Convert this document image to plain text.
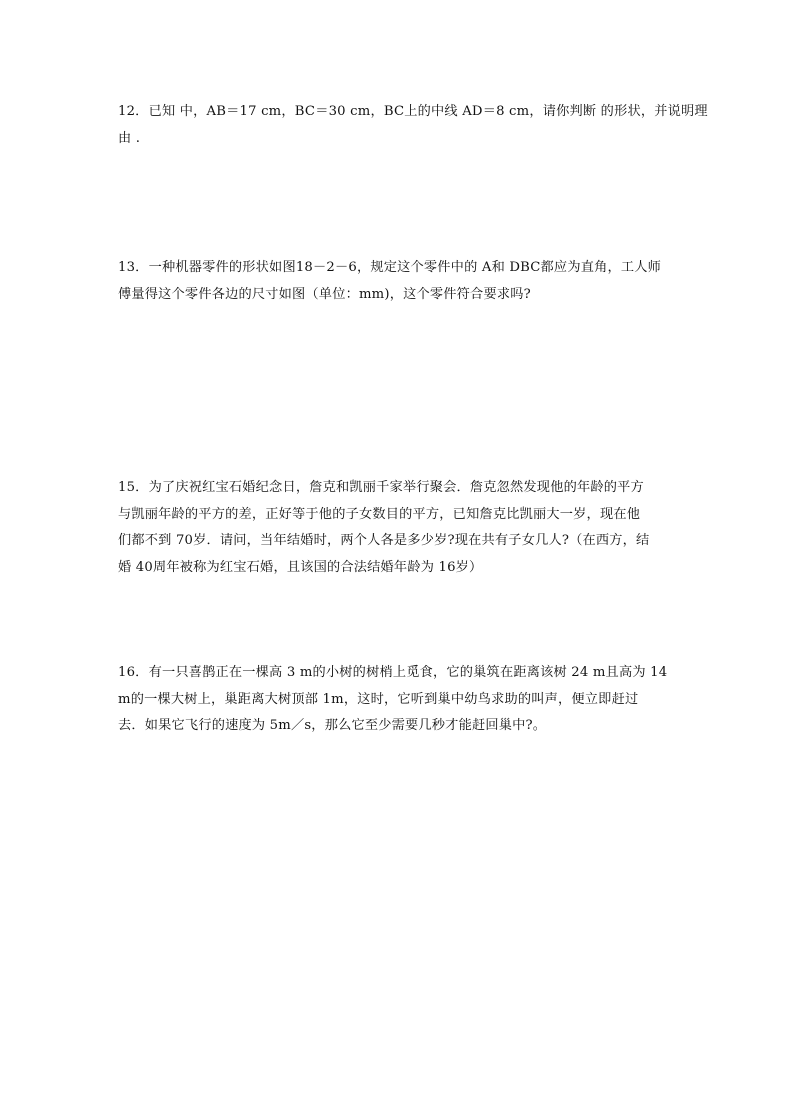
12．已知 中，AB＝17 cm，BC＝30 cm，BC上的中线 AD＝8 cm，请你判断 的形状，并说明理

由 .

13．一种机器零件的形状如图18－2－6，规定这个零件中的 A和 DBC都应为直角，工人师

傅量得这个零件各边的尺寸如图（单位：mm)，这个零件符合要求吗?

15．为了庆祝红宝石婚纪念日，詹克和凯丽千家举行聚会．詹克忽然发现他的年龄的平方

与凯丽年龄的平方的差，正好等于他的子女数目的平方，已知詹克比凯丽大一岁，现在他

们都不到 70岁．请问，当年结婚时，两个人各是多少岁?现在共有子女几人?（在西方，结

婚 40周年被称为红宝石婚，且该国的合法结婚年龄为 16岁）

16．有一只喜鹊正在一棵高 3 m的小树的树梢上觅食，它的巢筑在距离该树 24 m且高为 14

m的一棵大树上，巢距离大树顶部 1m，这时，它听到巢中幼鸟求助的叫声，便立即赶过

去．如果它飞行的速度为 5m／s，那么它至少需要几秒才能赶回巢中?。
